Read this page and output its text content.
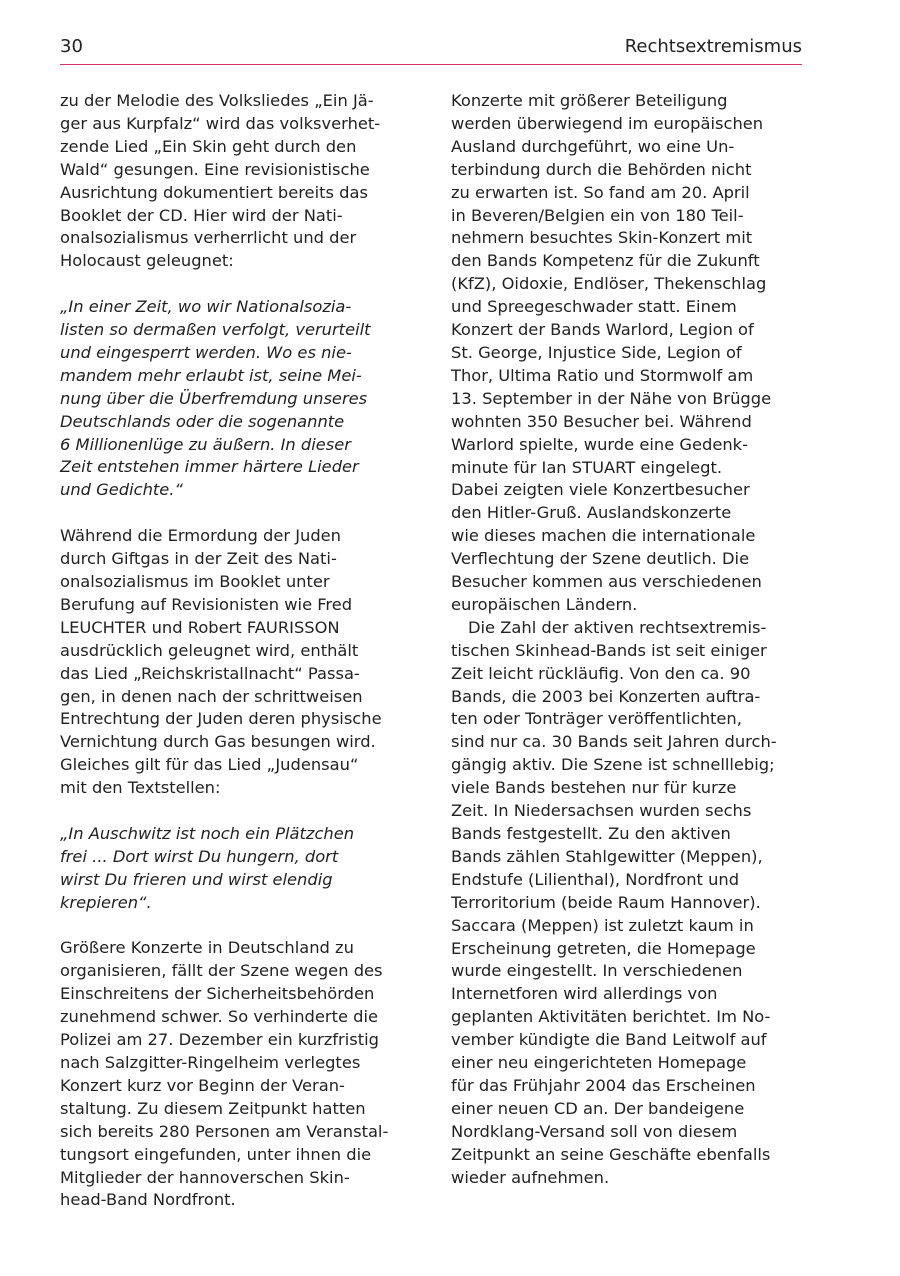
30	Rechtsextremismus
zu der Melodie des Volksliedes „Ein Jä-
ger aus Kurpfalz“ wird das volksverhet-
zende Lied „Ein Skin geht durch den
Wald“ gesungen. Eine revisionistische
Ausrichtung dokumentiert bereits das
Booklet der CD. Hier wird der Nati-
onalsozialismus verherrlicht und der
Holocaust geleugnet:
„In einer Zeit, wo wir Nationalsozia-
listen so dermaßen verfolgt, verurteilt
und eingesperrt werden. Wo es nie-
mandem mehr erlaubt ist, seine Mei-
nung über die Überfremdung unseres
Deutschlands oder die sogenannte
6 Millionenlüge zu äußern. In dieser
Zeit entstehen immer härtere Lieder
und Gedichte.“
Während die Ermordung der Juden
durch Giftgas in der Zeit des Nati-
onalsozialismus im Booklet unter
Berufung auf Revisionisten wie Fred
LEUCHTER und Robert FAURISSON
ausdrücklich geleugnet wird, enthält
das Lied „Reichskristallnacht“ Passa-
gen, in denen nach der schrittweisen
Entrechtung der Juden deren physische
Vernichtung durch Gas besungen wird.
Gleiches gilt für das Lied „Judensau“
mit den Textstellen:
„In Auschwitz ist noch ein Plätzchen
frei ... Dort wirst Du hungern, dort
wirst Du frieren und wirst elendig
krepieren“.
Größere Konzerte in Deutschland zu
organisieren, fällt der Szene wegen des
Einschreitens der Sicherheitsbehörden
zunehmend schwer. So verhinderte die
Polizei am 27. Dezember ein kurzfristig
nach Salzgitter-Ringelheim verlegtes
Konzert kurz vor Beginn der Veran-
staltung. Zu diesem Zeitpunkt hatten
sich bereits 280 Personen am Veranstal-
tungsort eingefunden, unter ihnen die
Mitglieder der hannoverschen Skin-
head-Band Nordfront.
Konzerte mit größerer Beteiligung
werden überwiegend im europäischen
Ausland durchgeführt, wo eine Un-
terbindung durch die Behörden nicht
zu erwarten ist. So fand am 20. April
in Beveren/Belgien ein von 180 Teil-
nehmern besuchtes Skin-Konzert mit
den Bands Kompetenz für die Zukunft
(KfZ), Oidoxie, Endlöser, Thekenschlag
und Spreegeschwader statt. Einem
Konzert der Bands Warlord, Legion of
St. George, Injustice Side, Legion of
Thor, Ultima Ratio und Stormwolf am
13. September in der Nähe von Brügge
wohnten 350 Besucher bei. Während
Warlord spielte, wurde eine Gedenk-
minute für Ian STUART eingelegt.
Dabei zeigten viele Konzertbesucher
den Hitler-Gruß. Auslandskonzerte
wie dieses machen die internationale
Verflechtung der Szene deutlich. Die
Besucher kommen aus verschiedenen
europäischen Ländern.
Die Zahl der aktiven rechtsextremis-
tischen Skinhead-Bands ist seit einiger
Zeit leicht rückläufig. Von den ca. 90
Bands, die 2003 bei Konzerten auftra-
ten oder Tonträger veröffentlichten,
sind nur ca. 30 Bands seit Jahren durch-
gängig aktiv. Die Szene ist schnelllebig;
viele Bands bestehen nur für kurze
Zeit. In Niedersachsen wurden sechs
Bands festgestellt. Zu den aktiven
Bands zählen Stahlgewitter (Meppen),
Endstufe (Lilienthal), Nordfront und
Terroritorium (beide Raum Hannover).
Saccara (Meppen) ist zuletzt kaum in
Erscheinung getreten, die Homepage
wurde eingestellt. In verschiedenen
Internetforen wird allerdings von
geplanten Aktivitäten berichtet. Im No-
vember kündigte die Band Leitwolf auf
einer neu eingerichteten Homepage
für das Frühjahr 2004 das Erscheinen
einer neuen CD an. Der bandeigene
Nordklang-Versand soll von diesem
Zeitpunkt an seine Geschäfte ebenfalls
wieder aufnehmen.
